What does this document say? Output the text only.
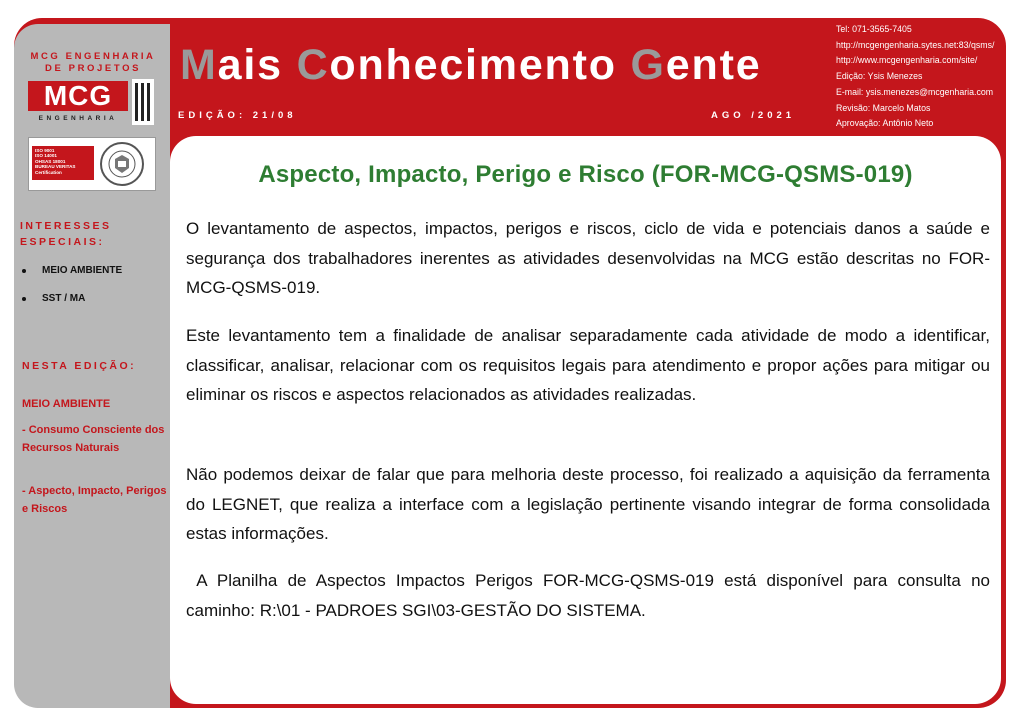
MCG ENGENHARIA
DE PROJETOS
MCG
ENGENHARIA
ISO 9001
ISO 14001
OHSAS 18001
BUREAU VERITAS
Certification
INTERESSES ESPECIAIS:
MEIO AMBIENTE
SST / MA
NESTA EDIÇÃO:
MEIO AMBIENTE
- Consumo Consciente dos Recursos Naturais
- Aspecto, Impacto, Perigos e Riscos
Mais Conhecimento Gente
EDIÇÃO: 21/08	AGO /2021
Tel: 071-3565-7405
http://mcgengenharia.sytes.net:83/qsms/
http://www.mcgengenharia.com/site/
Edição: Ysis Menezes
E-mail: ysis.menezes@mcgenharia.com
Revisão: Marcelo Matos
Aprovação: Antônio Neto
Aspecto, Impacto, Perigo e Risco (FOR-MCG-QSMS-019)

O levantamento de aspectos, impactos, perigos e riscos, ciclo de vida e potenciais danos a saúde e segurança dos trabalhadores inerentes as atividades desenvolvidas na MCG estão descritas no FOR-MCG-QSMS-019.

Este levantamento tem a finalidade de analisar separadamente cada atividade de modo a identificar, classificar, analisar, relacionar com os requisitos legais para atendimento e propor ações para mitigar ou eliminar os riscos e aspectos relacionados as atividades realizadas.

Não podemos deixar de falar que para melhoria deste processo, foi realizado a aquisição da ferramenta do LEGNET, que realiza a interface com a legislação pertinente visando integrar de forma consolidada estas informações.

A Planilha de Aspectos Impactos Perigos FOR-MCG-QSMS-019 está disponível para consulta no caminho: R:\01 - PADROES SGI\03-GESTÃO DO SISTEMA.
